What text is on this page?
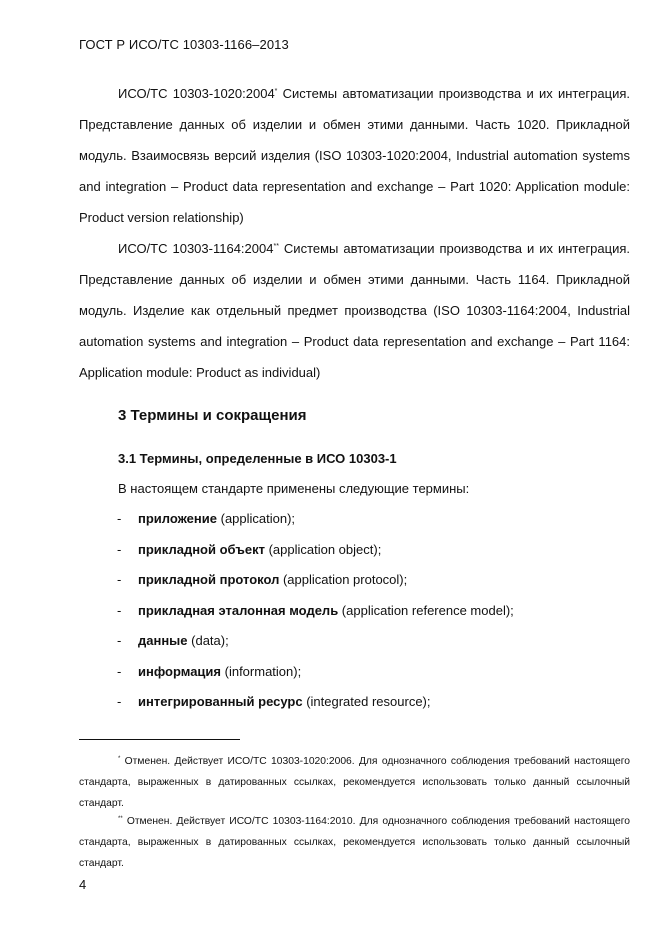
ГОСТ Р ИСО/ТС 10303-1166–2013

ИСО/ТС 10303-1020:2004* Системы автоматизации производства и их интеграция. Представление данных об изделии и обмен этими данными. Часть 1020. Прикладной модуль. Взаимосвязь версий изделия (ISO 10303-1020:2004, Industrial automation systems and integration – Product data representation and exchange – Part 1020: Application module: Product version relationship)

ИСО/ТС 10303-1164:2004** Системы автоматизации производства и их интеграция. Представление данных об изделии и обмен этими данными. Часть 1164. Прикладной модуль. Изделие как отдельный предмет производства (ISO 10303-1164:2004, Industrial automation systems and integration – Product data representation and exchange – Part 1164: Application module: Product as individual)

3 Термины и сокращения
3.1 Термины, определенные в ИСО 10303-1

В настоящем стандарте применены следующие термины:

- приложение (application);
- прикладной объект (application object);
- прикладной протокол (application protocol);
- прикладная эталонная модель (application reference model);
- данные (data);
- информация (information);
- интегрированный ресурс (integrated resource);

* Отменен. Действует ИСО/ТС 10303-1020:2006. Для однозначного соблюдения требований настоящего стандарта, выраженных в датированных ссылках, рекомендуется использовать только данный ссылочный стандарт.

** Отменен. Действует ИСО/ТС 10303-1164:2010. Для однозначного соблюдения требований настоящего стандарта, выраженных в датированных ссылках, рекомендуется использовать только данный ссылочный стандарт.

4
